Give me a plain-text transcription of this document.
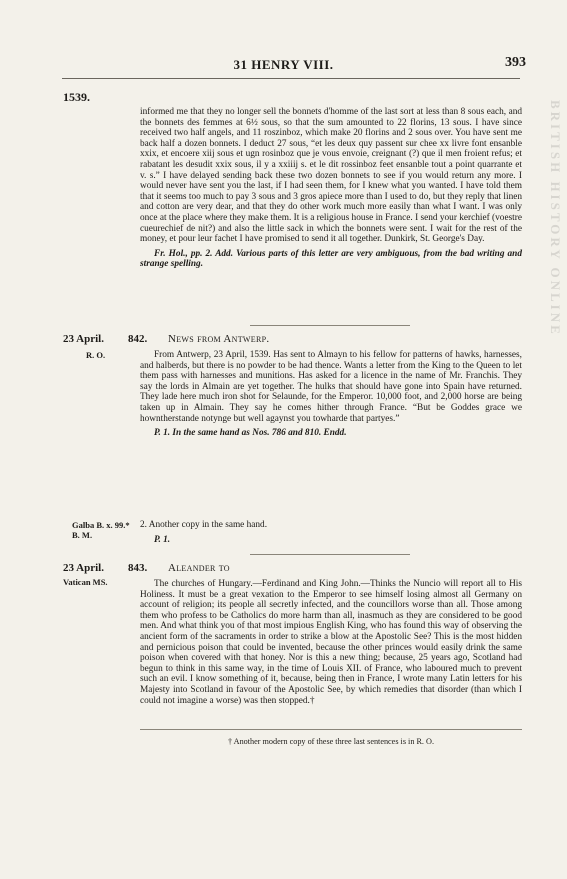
31 HENRY VIII.	393
1539.

informed me that they no longer sell the bonnets d'homme of the last sort at less than 8 sous each, and the bonnets des femmes at 6½ sous, so that the sum amounted to 22 florins, 13 sous. I have since received two half angels, and 11 roszinboz, which make 20 florins and 2 sous over. You have sent me back half a dozen bonnets. I deduct 27 sous, “et les deux quy passent sur chee xx livre font ensanble xxix, et encoere xiij sous et ugn rosinboz que je vous envoie, creignant (?) que il men froient refus; et rabatant les desudit xxix sous, il y a xxiiij s. et le dit rossinboz feet ensanble tout a point quarrante et v. s.” I have delayed sending back these two dozen bonnets to see if you would return any more. I would never have sent you the last, if I had seen them, for I knew what you wanted. I have told them that it seems too much to pay 3 sous and 3 gros apiece more than I used to do, but they reply that linen and cotton are very dear, and that they do other work much more easily than what I want. I was only once at the place where they make them. It is a religious house in France. I send your kerchief (voestre cueurechief de nit?) and also the little sack in which the bonnets were sent. I wait for the rest of the money, et pour leur fachet I have promised to send it all together. Dunkirk, St. George's Day.

Fr. Hol., pp. 2. Add. Various parts of this letter are very ambiguous, from the bad writing and strange spelling.

23 April. 842. News from Antwerp.
R. O.	From Antwerp, 23 April, 1539. Has sent to Almayn to his fellow for patterns of hawks, harnesses, and halberds, but there is no powder to be had thence. Wants a letter from the King to the Queen to let them pass with harnesses and munitions. Has asked for a licence in the name of Mr. Franchis. They say the lords in Almain are yet together. The hulks that should have gone into Spain have returned. They lade here much iron shot for Selaunde, for the Emperor. 10,000 foot, and 2,000 horse are being taken up in Almain. They say he comes hither through France. “But be Goddes grace we howntherstande notynge but well agaynst you towharde that partyes.”

P. 1. In the same hand as Nos. 786 and 810. Endd.

Galba B. x. 99.* B. M.

2. Another copy in the same hand.

P. 1.

23 April. 843. Aleander to
Vatican MS.	The churches of Hungary.—Ferdinand and King John.—Thinks the Nuncio will report all to His Holiness. It must be a great vexation to the Emperor to see himself losing almost all Germany on account of religion; its people all secretly infected, and the councillors worse than all. Those among them who profess to be Catholics do more harm than all, inasmuch as they are considered to be good men. And what think you of that most impious English King, who has found this way of observing the ancient form of the sacraments in order to strike a blow at the Apostolic See? This is the most hidden and pernicious poison that could be invented, because the other princes would easily drink the same poison when covered with that honey. Nor is this a new thing; because, 25 years ago, Scotland had begun to think in this same way, in the time of Louis XII. of France, who laboured much to prevent such an evil. I know something of it, because, being then in France, I wrote many Latin letters for his Majesty into Scotland in favour of the Apostolic See, by which remedies that disorder (than which I could not imagine a worse) was then stopped.†

† Another modern copy of these three last sentences is in R. O.
BRITISH HISTORY ONLINE
